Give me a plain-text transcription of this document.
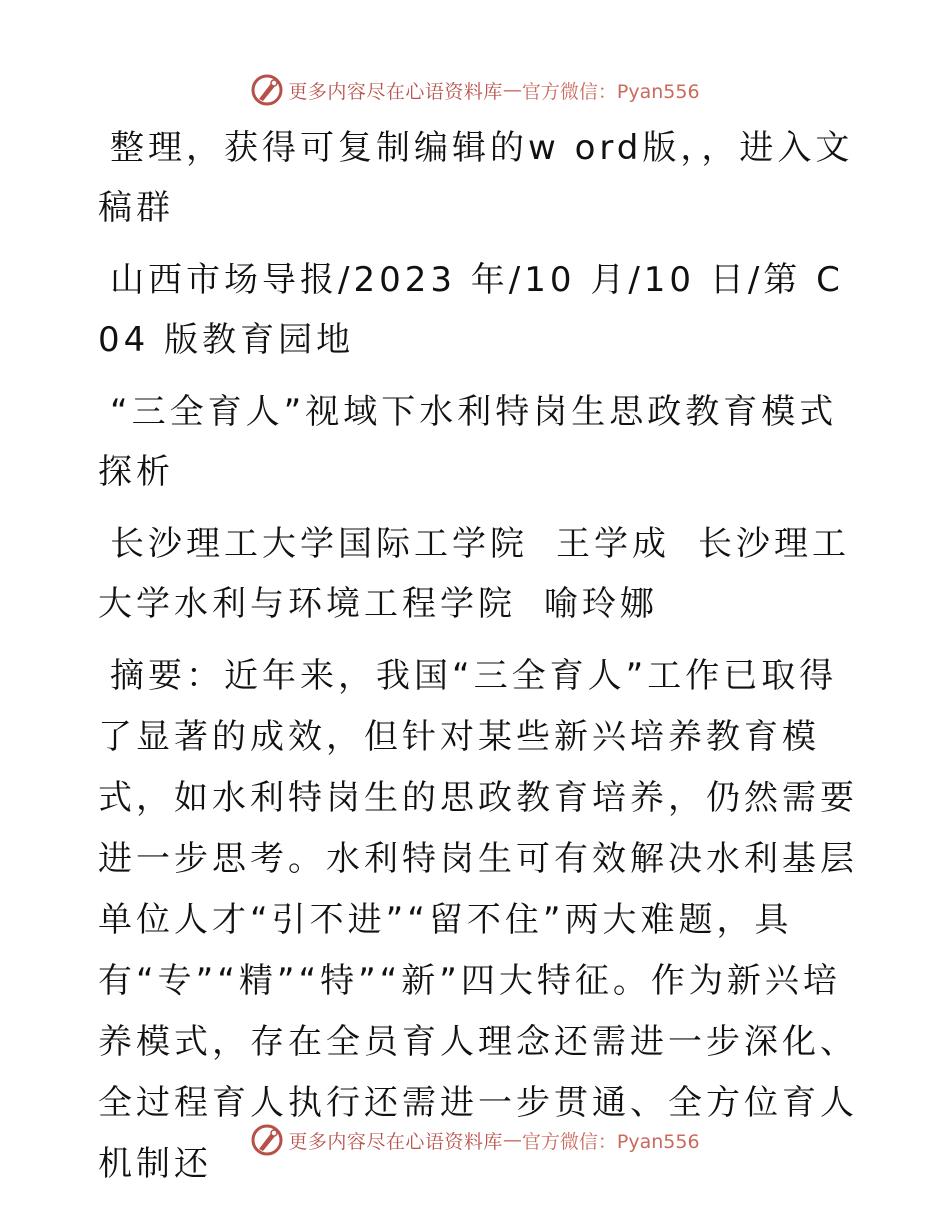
更多内容尽在心语资料库 — 官方微信：Pyan556

整理，获得可复制编辑的w ord版，，进入文稿群

山西市场导报/2023 年/10 月/10 日/第 C04 版教育园地

“三全育人”视域下水利特岗生思政教育模式探析

长沙理工大学国际工学院 王学成 长沙理工大学水利与环境工程学院 喻玲娜

摘要：近年来，我国“三全育人”工作已取得了显著的成效，但针对某些新兴培养教育模式，如水利特岗生的思政教育培养，仍然需要进一步思考。水利特岗生可有效解决水利基层单位人才“引不进”“留不住”两大难题，具

有“专”“精”“特”“新”四大特征。作为新兴培养模式，存在全员育人理念还需进一步深化、全过程育人执行还需进一步贯通、全方位育人机制还

更多内容尽在心语资料库 — 官方微信：Pyan556
